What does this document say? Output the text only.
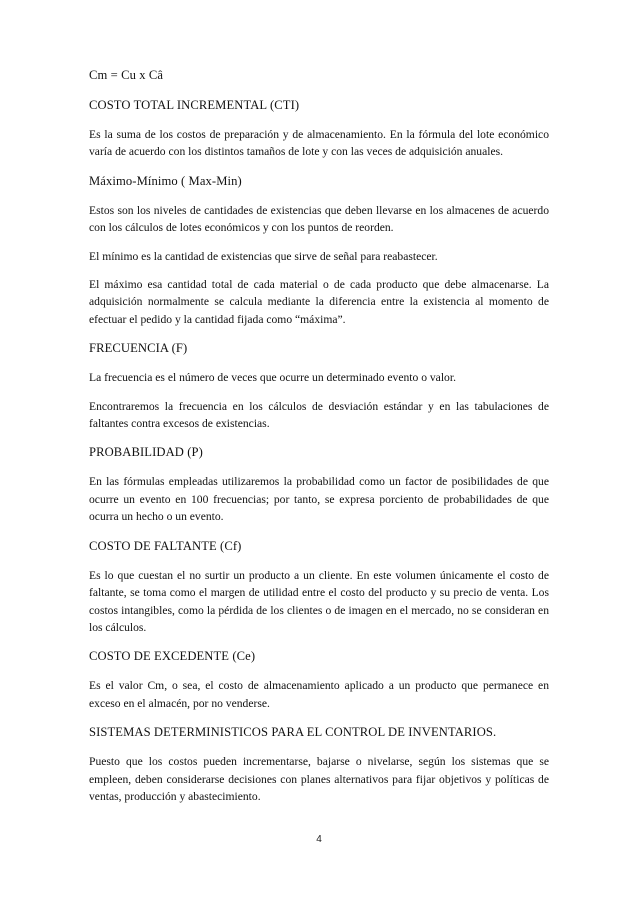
Cm = Cu x Câ

COSTO TOTAL INCREMENTAL (CTI)

Es la suma de los costos de preparación y de almacenamiento. En la fórmula del lote económico varía de acuerdo con los distintos tamaños de lote y con las veces de adquisición anuales.

Máximo-Mínimo ( Max-Min)

Estos son los niveles de cantidades de existencias que deben llevarse en los almacenes de acuerdo con los cálculos de lotes económicos y con los puntos de reorden.

El mínimo es la cantidad de existencias que sirve de señal para reabastecer.

El máximo esa cantidad total de cada material o de cada producto que debe almacenarse. La adquisición normalmente se calcula mediante la diferencia entre la existencia al momento de efectuar el pedido y la cantidad fijada como “máxima”.

FRECUENCIA (F)

La frecuencia es el número de veces que ocurre un determinado evento o valor.

Encontraremos la frecuencia en los cálculos de desviación estándar y en las tabulaciones de faltantes contra excesos de existencias.

PROBABILIDAD (P)

En las fórmulas empleadas utilizaremos la probabilidad como un factor de posibilidades de que ocurre un evento en 100 frecuencias; por tanto, se expresa porciento de probabilidades de que ocurra un hecho o un evento.

COSTO DE FALTANTE (Cf)

Es lo que cuestan el no surtir un producto a un cliente. En este volumen únicamente el costo de faltante, se toma como el margen de utilidad entre el costo del producto y su precio de venta. Los costos intangibles, como la pérdida de los clientes o de imagen en el mercado, no se consideran en los cálculos.

COSTO DE EXCEDENTE (Ce)

Es el valor Cm, o sea, el costo de almacenamiento aplicado a un producto que permanece en exceso en el almacén, por no venderse.

SISTEMAS DETERMINISTICOS PARA EL CONTROL DE INVENTARIOS.

Puesto que los costos pueden incrementarse, bajarse o nivelarse, según los sistemas que se empleen, deben considerarse decisiones con planes alternativos para fijar objetivos y políticas de ventas, producción y abastecimiento.

4
